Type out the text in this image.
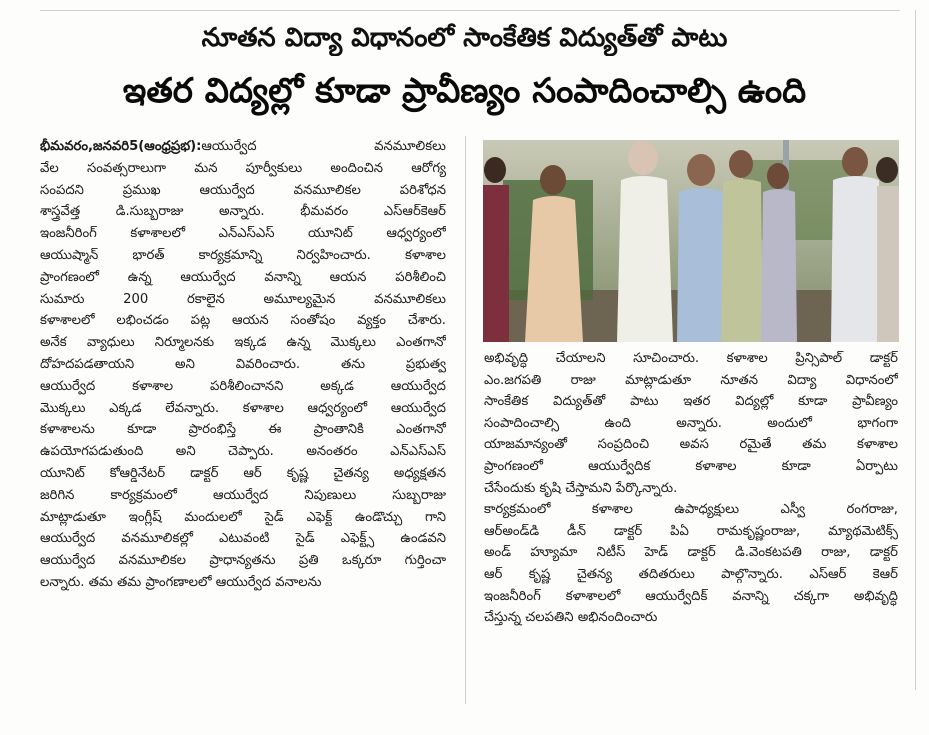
నూతన విద్యా విధానంలో సాంకేతిక విద్యుత్‌తో పాటు
ఇతర విద్యల్లో కూడా ప్రావీణ్యం సంపాదించాల్సి ఉంది
భీమవరం,జనవరి5(ఆంధ్రప్రభ):ఆయుర్వేద వనమూలికలు
వేల సంవత్సరాలుగా మన పూర్వీకులు అందించిన ఆరోగ్య
సంపదని ప్రముఖ ఆయుర్వేద వనమూలికల పరిశోధన
శాస్త్రవేత్త డి.సుబ్బరాజు అన్నారు. భీమవరం ఎస్ఆర్‌కెఆర్
ఇంజనీరింగ్ కళాశాలలో ఎన్ఎస్ఎస్ యూనిట్ ఆధ్వర్యంలో
ఆయుష్మాన్ భారత్ కార్యక్రమాన్ని నిర్వహించారు. కళాశాల
ప్రాంగణంలో ఉన్న ఆయుర్వేద వనాన్ని ఆయన పరిశీలించి
సుమారు 200 రకాలైన అమూల్యమైన వనమూలికలు
కళాశాలలో లభించడం పట్ల ఆయన సంతోషం వ్యక్తం చేశారు.
అనేక వ్యాధులు నిర్మూలనకు ఇక్కడ ఉన్న మొక్కలు ఎంతగానో
దోహదపడతాయని అని వివరించారు. తను ప్రభుత్వ
ఆయుర్వేద కళాశాల పరిశీలించానని అక్కడ ఆయుర్వేద
మొక్కలు ఎక్కడ లేవన్నారు. కళాశాల ఆధ్వర్యంలో ఆయుర్వేద
కళాశాలను కూడా ప్రారంభిస్తే ఈ ప్రాంతానికి ఎంతగానో
ఉపయోగపడుతుంది అని చెప్పారు. అనంతరం ఎన్ఎస్ఎస్
యూనిట్ కోఆర్డినేటర్ డాక్టర్ ఆర్ కృష్ణ చైతన్య అధ్యక్షతన
జరిగిన కార్యక్రమంలో ఆయుర్వేద నిపుణులు సుబ్బరాజు
మాట్లాడుతూ ఇంగ్లీష్ మందులలో సైడ్ ఎఫెక్ట్ ఉండొచ్చు గాని
ఆయుర్వేద వనమూలికల్లో ఎటువంటి సైడ్ ఎఫెక్ట్స్ ఉండవని
ఆయుర్వేద వనమూలికల ప్రాధాన్యతను ప్రతి ఒక్కరూ గుర్తించా
లన్నారు. తమ తమ ప్రాంగణాలలో ఆయుర్వేద వనాలను
అభివృద్ధి చేయాలని సూచించారు. కళాశాల ప్రిన్సిపాల్ డాక్టర్
ఎం.జగపతి రాజు మాట్లాడుతూ నూతన విద్యా విధానంలో
సాంకేతిక విద్యుత్‌తో పాటు ఇతర విద్యల్లో కూడా ప్రావీణ్యం
సంపాదించాల్సి ఉంది అన్నారు. అందులో భాగంగా
యాజమాన్యంతో సంప్రదించి అవస రమైతే తమ కళాశాల
ప్రాంగణంలో ఆయుర్వేదిక కళాశాల కూడా ఏర్పాటు
చేసేందుకు కృషి చేస్తామని పేర్కొన్నారు.
కార్యక్రమంలో కళాశాల ఉపాధ్యక్షులు ఎస్వీ రంగరాజు,
ఆర్అండ్‌డి డీన్ డాక్టర్ పిఏ రామకృష్ణంరాజు, మ్యాథమెటిక్స్
అండ్ హ్యూమా నిటీస్ హెడ్ డాక్టర్ డి.వెంకటపతి రాజు, డాక్టర్
ఆర్ కృష్ణ చైతన్య తదితరులు పాల్గొన్నారు. ఎస్ఆర్ కెఆర్
ఇంజనీరింగ్ కళాశాలలో ఆయుర్వేదిక్ వనాన్ని చక్కగా అభివృద్ధి
చేస్తున్న చలపతిని అభినందించారు
